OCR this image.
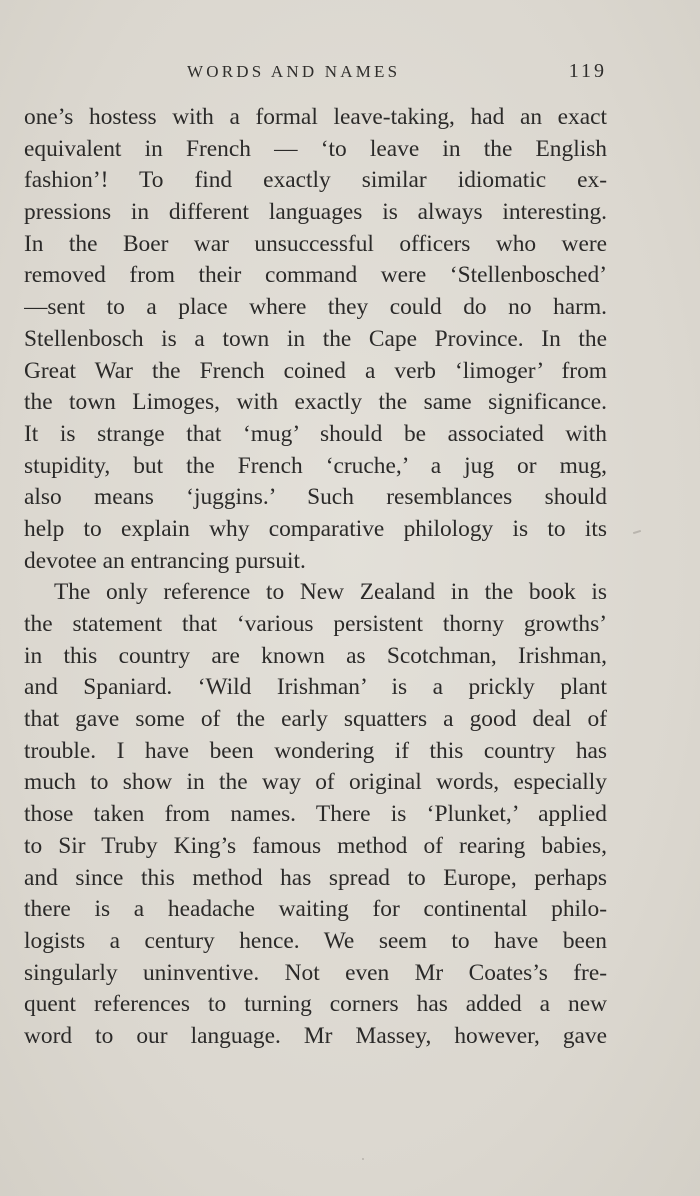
WORDS AND NAMES	119
one’s hostess with a formal leave-taking, had an exact
equivalent in French — ‘to leave in the English
fashion’! To find exactly similar idiomatic ex-
pressions in different languages is always interesting.
In the Boer war unsuccessful officers who were
removed from their command were ‘Stellenbosched’
—sent to a place where they could do no harm.
Stellenbosch is a town in the Cape Province. In the
Great War the French coined a verb ‘limoger’ from
the town Limoges, with exactly the same significance.
It is strange that ‘mug’ should be associated with
stupidity, but the French ‘cruche,’ a jug or mug,
also means ‘juggins.’ Such resemblances should
help to explain why comparative philology is to its
devotee an entrancing pursuit.
The only reference to New Zealand in the book is
the statement that ‘various persistent thorny growths’
in this country are known as Scotchman, Irishman,
and Spaniard. ‘Wild Irishman’ is a prickly plant
that gave some of the early squatters a good deal of
trouble. I have been wondering if this country has
much to show in the way of original words, especially
those taken from names. There is ‘Plunket,’ applied
to Sir Truby King’s famous method of rearing babies,
and since this method has spread to Europe, perhaps
there is a headache waiting for continental philo-
logists a century hence. We seem to have been
singularly uninventive. Not even Mr Coates’s fre-
quent references to turning corners has added a new
word to our language. Mr Massey, however, gave
